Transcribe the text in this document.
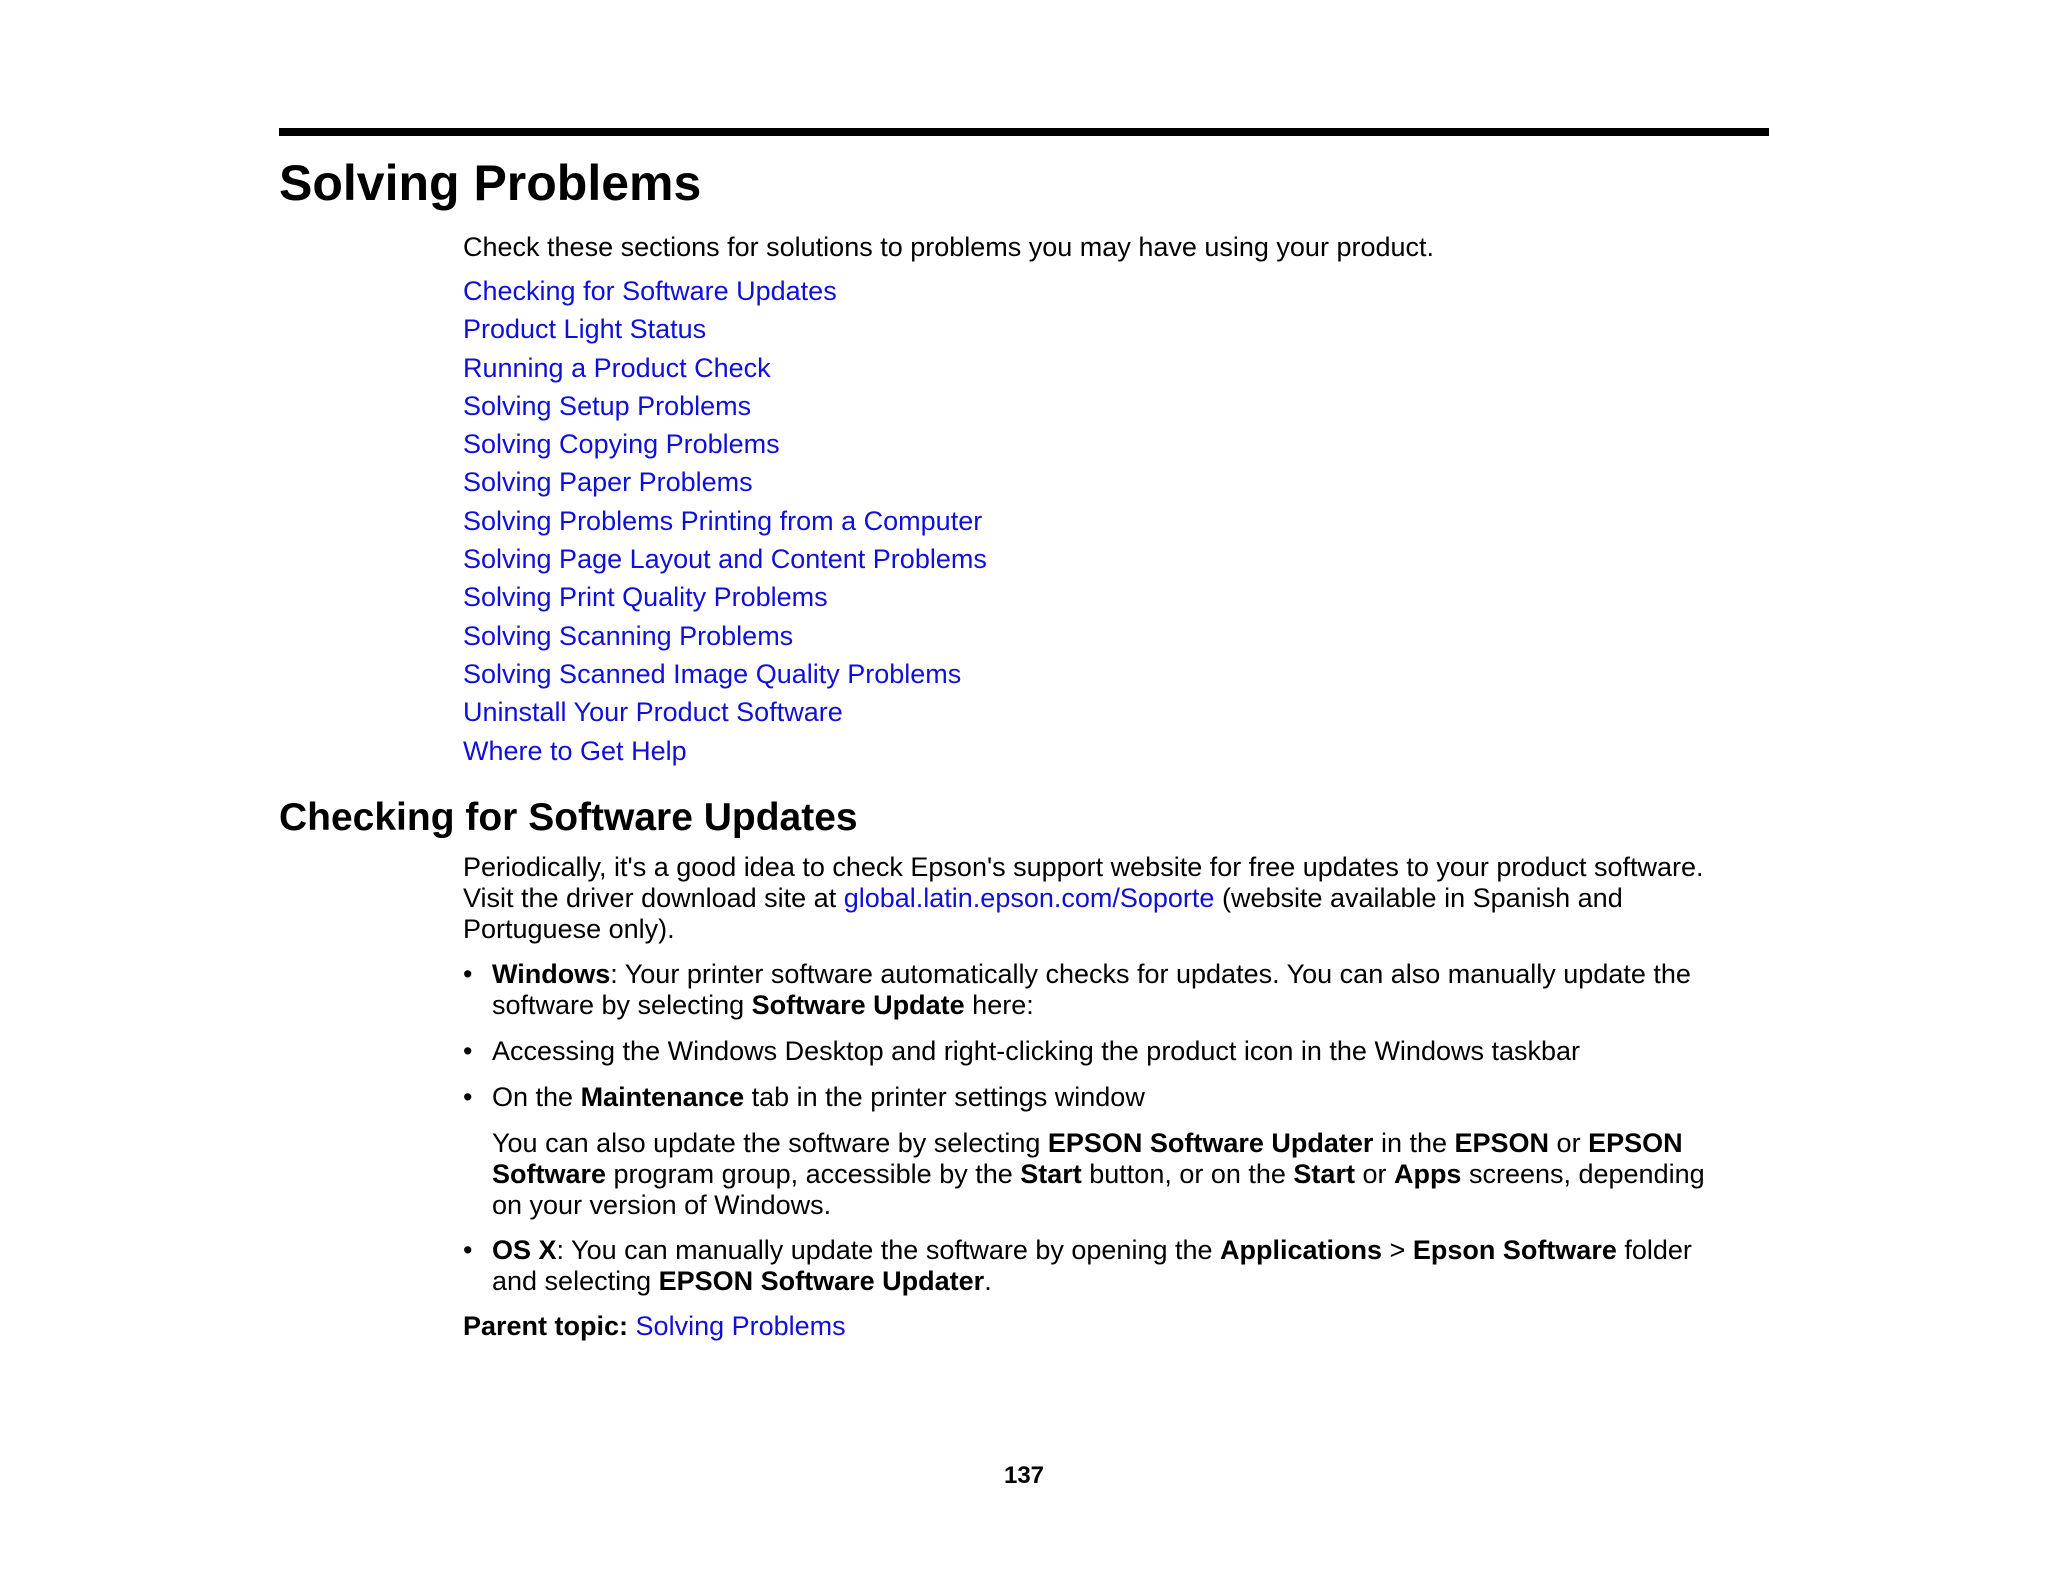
Solving Problems

Check these sections for solutions to problems you may have using your product.

Checking for Software Updates
Product Light Status
Running a Product Check
Solving Setup Problems
Solving Copying Problems
Solving Paper Problems
Solving Problems Printing from a Computer
Solving Page Layout and Content Problems
Solving Print Quality Problems
Solving Scanning Problems
Solving Scanned Image Quality Problems
Uninstall Your Product Software
Where to Get Help
Checking for Software Updates

Periodically, it's a good idea to check Epson's support website for free updates to your product software.
Visit the driver download site at global.latin.epson.com/Soporte (website available in Spanish and
Portuguese only).

• Windows: Your printer software automatically checks for updates. You can also manually update the
software by selecting Software Update here:

• Accessing the Windows Desktop and right-clicking the product icon in the Windows taskbar

• On the Maintenance tab in the printer settings window

You can also update the software by selecting EPSON Software Updater in the EPSON or EPSON
Software program group, accessible by the Start button, or on the Start or Apps screens, depending
on your version of Windows.

• OS X: You can manually update the software by opening the Applications > Epson Software folder
and selecting EPSON Software Updater.

Parent topic: Solving Problems

137
